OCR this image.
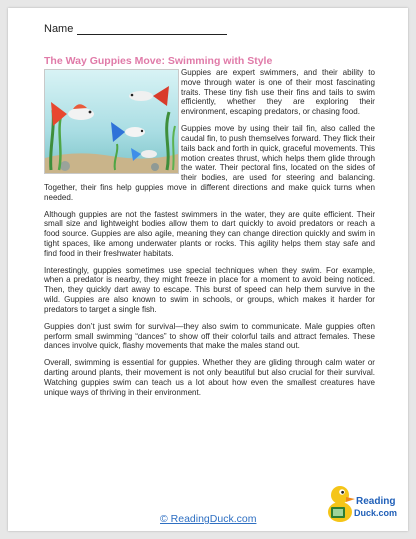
Name
The Way Guppies Move: Swimming with Style

Guppies are expert swimmers, and their ability to move through water is one of their most fascinating traits. These tiny fish use their fins and tails to swim efficiently, whether they are exploring their environment, escaping predators, or chasing food.

Guppies move by using their tail fin, also called the caudal fin, to push themselves forward. They flick their tails back and forth in quick, graceful movements. This motion creates thrust, which helps them glide through the water. Their pectoral fins, located on the sides of their bodies, are used for steering and balancing. Together, their fins help guppies move in different directions and make quick turns when needed.

Although guppies are not the fastest swimmers in the water, they are quite efficient. Their small size and lightweight bodies allow them to dart quickly to avoid predators or reach a food source. Guppies are also agile, meaning they can change direction quickly and swim in tight spaces, like among underwater plants or rocks. This agility helps them stay safe and find food in their freshwater habitats.

Interestingly, guppies sometimes use special techniques when they swim. For example, when a predator is nearby, they might freeze in place for a moment to avoid being noticed. Then, they quickly dart away to escape. This burst of speed can help them survive in the wild. Guppies are also known to swim in schools, or groups, which makes it harder for predators to target a single fish.

Guppies don’t just swim for survival—they also swim to communicate. Male guppies often perform small swimming “dances” to show off their colorful tails and attract females. These dances involve quick, flashy movements that make the males stand out.

Overall, swimming is essential for guppies. Whether they are gliding through calm water or darting around plants, their movement is not only beautiful but also crucial for their survival. Watching guppies swim can teach us a lot about how even the smallest creatures have unique ways of thriving in their environment.

© ReadingDuck.com
Reading
Duck.com
